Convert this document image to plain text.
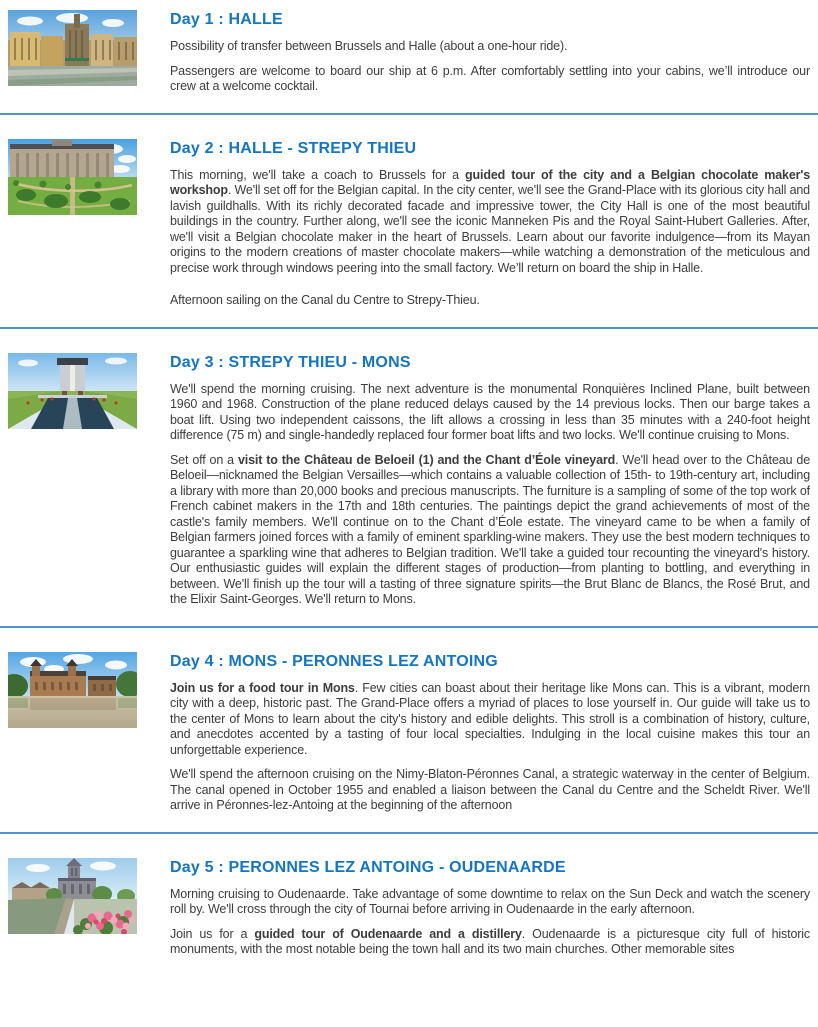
Day 1 : HALLE

Possibility of transfer between Brussels and Halle (about a one-hour ride).

Passengers are welcome to board our ship at 6 p.m. After comfortably settling into your cabins, we’ll introduce our crew at a welcome cocktail.

Day 2 : HALLE - STREPY THIEU

This morning, we'll take a coach to Brussels for a guided tour of the city and a Belgian chocolate maker's workshop. We'll set off for the Belgian capital. In the city center, we'll see the Grand-Place with its glorious city hall and lavish guildhalls. With its richly decorated facade and impressive tower, the City Hall is one of the most beautiful buildings in the country. Further along, we'll see the iconic Manneken Pis and the Royal Saint-Hubert Galleries. After, we'll visit a Belgian chocolate maker in the heart of Brussels. Learn about our favorite indulgence—from its Mayan origins to the modern creations of master chocolate makers—while watching a demonstration of the meticulous and precise work through windows peering into the small factory. We’ll return on board the ship in Halle.

Afternoon sailing on the Canal du Centre to Strepy-Thieu.

Day 3 : STREPY THIEU - MONS

We'll spend the morning cruising. The next adventure is the monumental Ronquières Inclined Plane, built between 1960 and 1968. Construction of the plane reduced delays caused by the 14 previous locks. Then our barge takes a boat lift. Using two independent caissons, the lift allows a crossing in less than 35 minutes with a 240-foot height difference (75 m) and single-handedly replaced four former boat lifts and two locks. We'll continue cruising to Mons.

Set off on a visit to the Château de Beloeil (1) and the Chant d’Éole vineyard. We'll head over to the Château de Beloeil—nicknamed the Belgian Versailles—which contains a valuable collection of 15th- to 19th-century art, including a library with more than 20,000 books and precious manuscripts. The furniture is a sampling of some of the top work of French cabinet makers in the 17th and 18th centuries. The paintings depict the grand achievements of most of the castle's family members. We'll continue on to the Chant d’Éole estate. The vineyard came to be when a family of Belgian farmers joined forces with a family of eminent sparkling-wine makers. They use the best modern techniques to guarantee a sparkling wine that adheres to Belgian tradition. We'll take a guided tour recounting the vineyard's history. Our enthusiastic guides will explain the different stages of production—from planting to bottling, and everything in between. We'll finish up the tour will a tasting of three signature spirits—the Brut Blanc de Blancs, the Rosé Brut, and the Elixir Saint-Georges. We'll return to Mons.

Day 4 : MONS - PERONNES LEZ ANTOING

Join us for a food tour in Mons. Few cities can boast about their heritage like Mons can. This is a vibrant, modern city with a deep, historic past. The Grand-Place offers a myriad of places to lose yourself in. Our guide will take us to the center of Mons to learn about the city's history and edible delights. This stroll is a combination of history, culture, and anecdotes accented by a tasting of four local specialties. Indulging in the local cuisine makes this tour an unforgettable experience.

We'll spend the afternoon cruising on the Nimy-Blaton-Péronnes Canal, a strategic waterway in the center of Belgium. The canal opened in October 1955 and enabled a liaison between the Canal du Centre and the Scheldt River. We'll arrive in Péronnes-lez-Antoing at the beginning of the afternoon

Day 5 : PERONNES LEZ ANTOING - OUDENAARDE

Morning cruising to Oudenaarde. Take advantage of some downtime to relax on the Sun Deck and watch the scenery roll by. We'll cross through the city of Tournai before arriving in Oudenaarde in the early afternoon.

Join us for a guided tour of Oudenaarde and a distillery. Oudenaarde is a picturesque city full of historic monuments, with the most notable being the town hall and its two main churches. Other memorable sites
